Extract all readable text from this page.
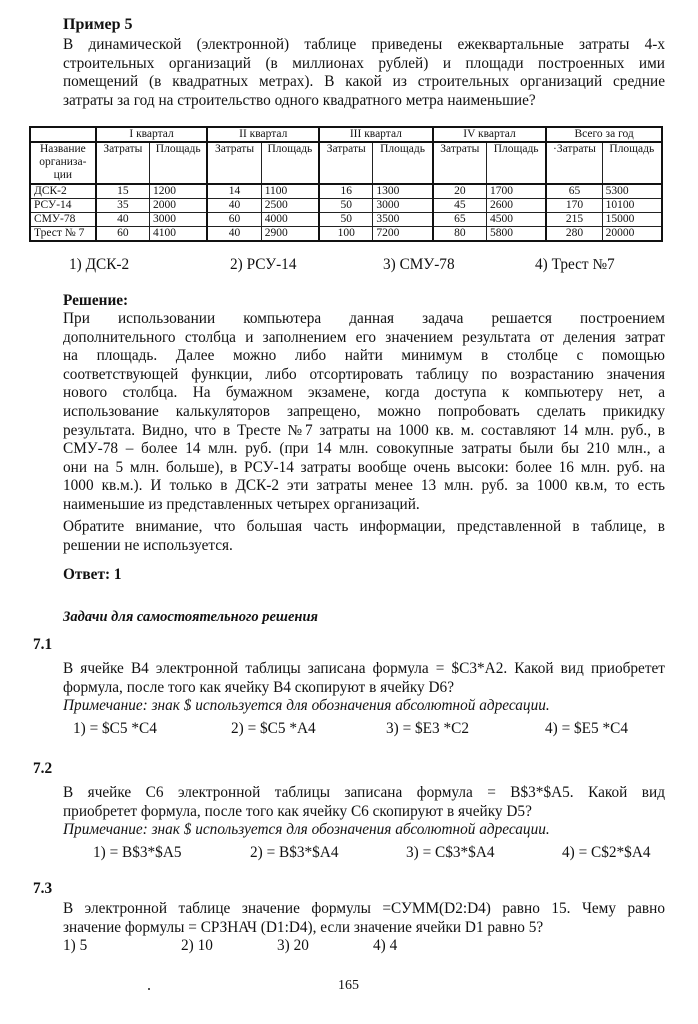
Пример 5
В динамической (электронной) таблице приведены ежеквартальные затраты 4-х
строительных организаций (в миллионах рублей) и площади построенных ими
помещений (в квадратных метрах). В какой из строительных организаций средние
затраты за год на строительство одного квадратного метра наименьшие?
	I квартал		II квартал		III квартал		IV квартал		Всего за год	
Название организа-ции	Затраты	Площадь	Затраты	Площадь	Затраты	Площадь	Затраты	Площадь	·Затраты	Площадь
ДСК-2	15	1200	14	1100	16	1300	20	1700	65	5300
РСУ-14	35	2000	40	2500	50	3000	45	2600	170	10100
СМУ-78	40	3000	60	4000	50	3500	65	4500	215	15000
Трест № 7	60	4100	40	2900	100	7200	80	5800	280	20000
1) ДСК-2	2) РСУ-14	3) СМУ-78	4) Трест №7
Решение:
При использовании компьютера данная задача решается построением
дополнительного столбца и заполнением его значением результата от деления затрат
на площадь. Далее можно либо найти минимум в столбце с помощью
соответствующей функции, либо отсортировать таблицу по возрастанию значения
нового столбца. На бумажном экзамене, когда доступа к компьютеру нет, а
использование калькуляторов запрещено, можно попробовать сделать прикидку
результата. Видно, что в Тресте №7 затраты на 1000 кв. м. составляют 14 млн. руб., в
СМУ-78 – более 14 млн. руб. (при 14 млн. совокупные затраты были бы 210 млн., а
они на 5 млн. больше), в РСУ-14 затраты вообще очень высоки: более 16 млн. руб. на
1000 кв.м.). И только в ДСК-2 эти затраты менее 13 млн. руб. за 1000 кв.м, то есть
наименьшие из представленных четырех организаций.
Обратите внимание, что большая часть информации, представленной в таблице, в
решении не используется.
Ответ: 1
Задачи для самостоятельного решения
7.1
В ячейке B4 электронной таблицы записана формула = $C3*A2. Какой вид приобретет
формула, после того как ячейку B4 скопируют в ячейку D6?
Примечание: знак $ используется для обозначения абсолютной адресации.
1) = $C5 *C4	2) = $C5 *A4	3) = $E3 *C2	4) = $E5 *C4
7.2
В ячейке C6 электронной таблицы записана формула = B$3*$A5. Какой вид
приобретет формула, после того как ячейку C6 скопируют в ячейку D5?
Примечание: знак $ используется для обозначения абсолютной адресации.
1) = B$3*$A5	2) = B$3*$A4	3) = C$3*$A4	4) = C$2*$A4
7.3
В электронной таблице значение формулы =СУММ(D2:D4) равно 15. Чему равно
значение формулы = СРЗНАЧ (D1:D4), если значение ячейки D1 равно 5?
1) 5	2) 10	3) 20	4) 4
165
